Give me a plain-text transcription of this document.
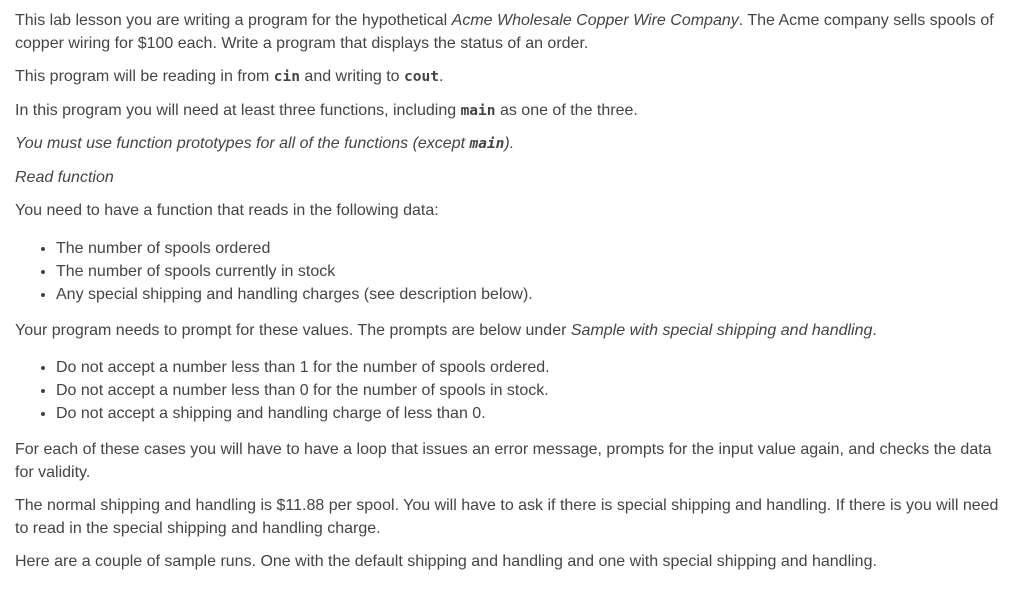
This lab lesson you are writing a program for the hypothetical Acme Wholesale Copper Wire Company. The Acme company sells spools of copper wiring for $100 each. Write a program that displays the status of an order.

This program will be reading in from cin and writing to cout.

In this program you will need at least three functions, including main as one of the three.

You must use function prototypes for all of the functions (except main).

Read function

You need to have a function that reads in the following data:

• The number of spools ordered
• The number of spools currently in stock
• Any special shipping and handling charges (see description below).

Your program needs to prompt for these values. The prompts are below under Sample with special shipping and handling.

• Do not accept a number less than 1 for the number of spools ordered.
• Do not accept a number less than 0 for the number of spools in stock.
• Do not accept a shipping and handling charge of less than 0.

For each of these cases you will have to have a loop that issues an error message, prompts for the input value again, and checks the data for validity.

The normal shipping and handling is $11.88 per spool. You will have to ask if there is special shipping and handling. If there is you will need to read in the special shipping and handling charge.

Here are a couple of sample runs. One with the default shipping and handling and one with special shipping and handling.
